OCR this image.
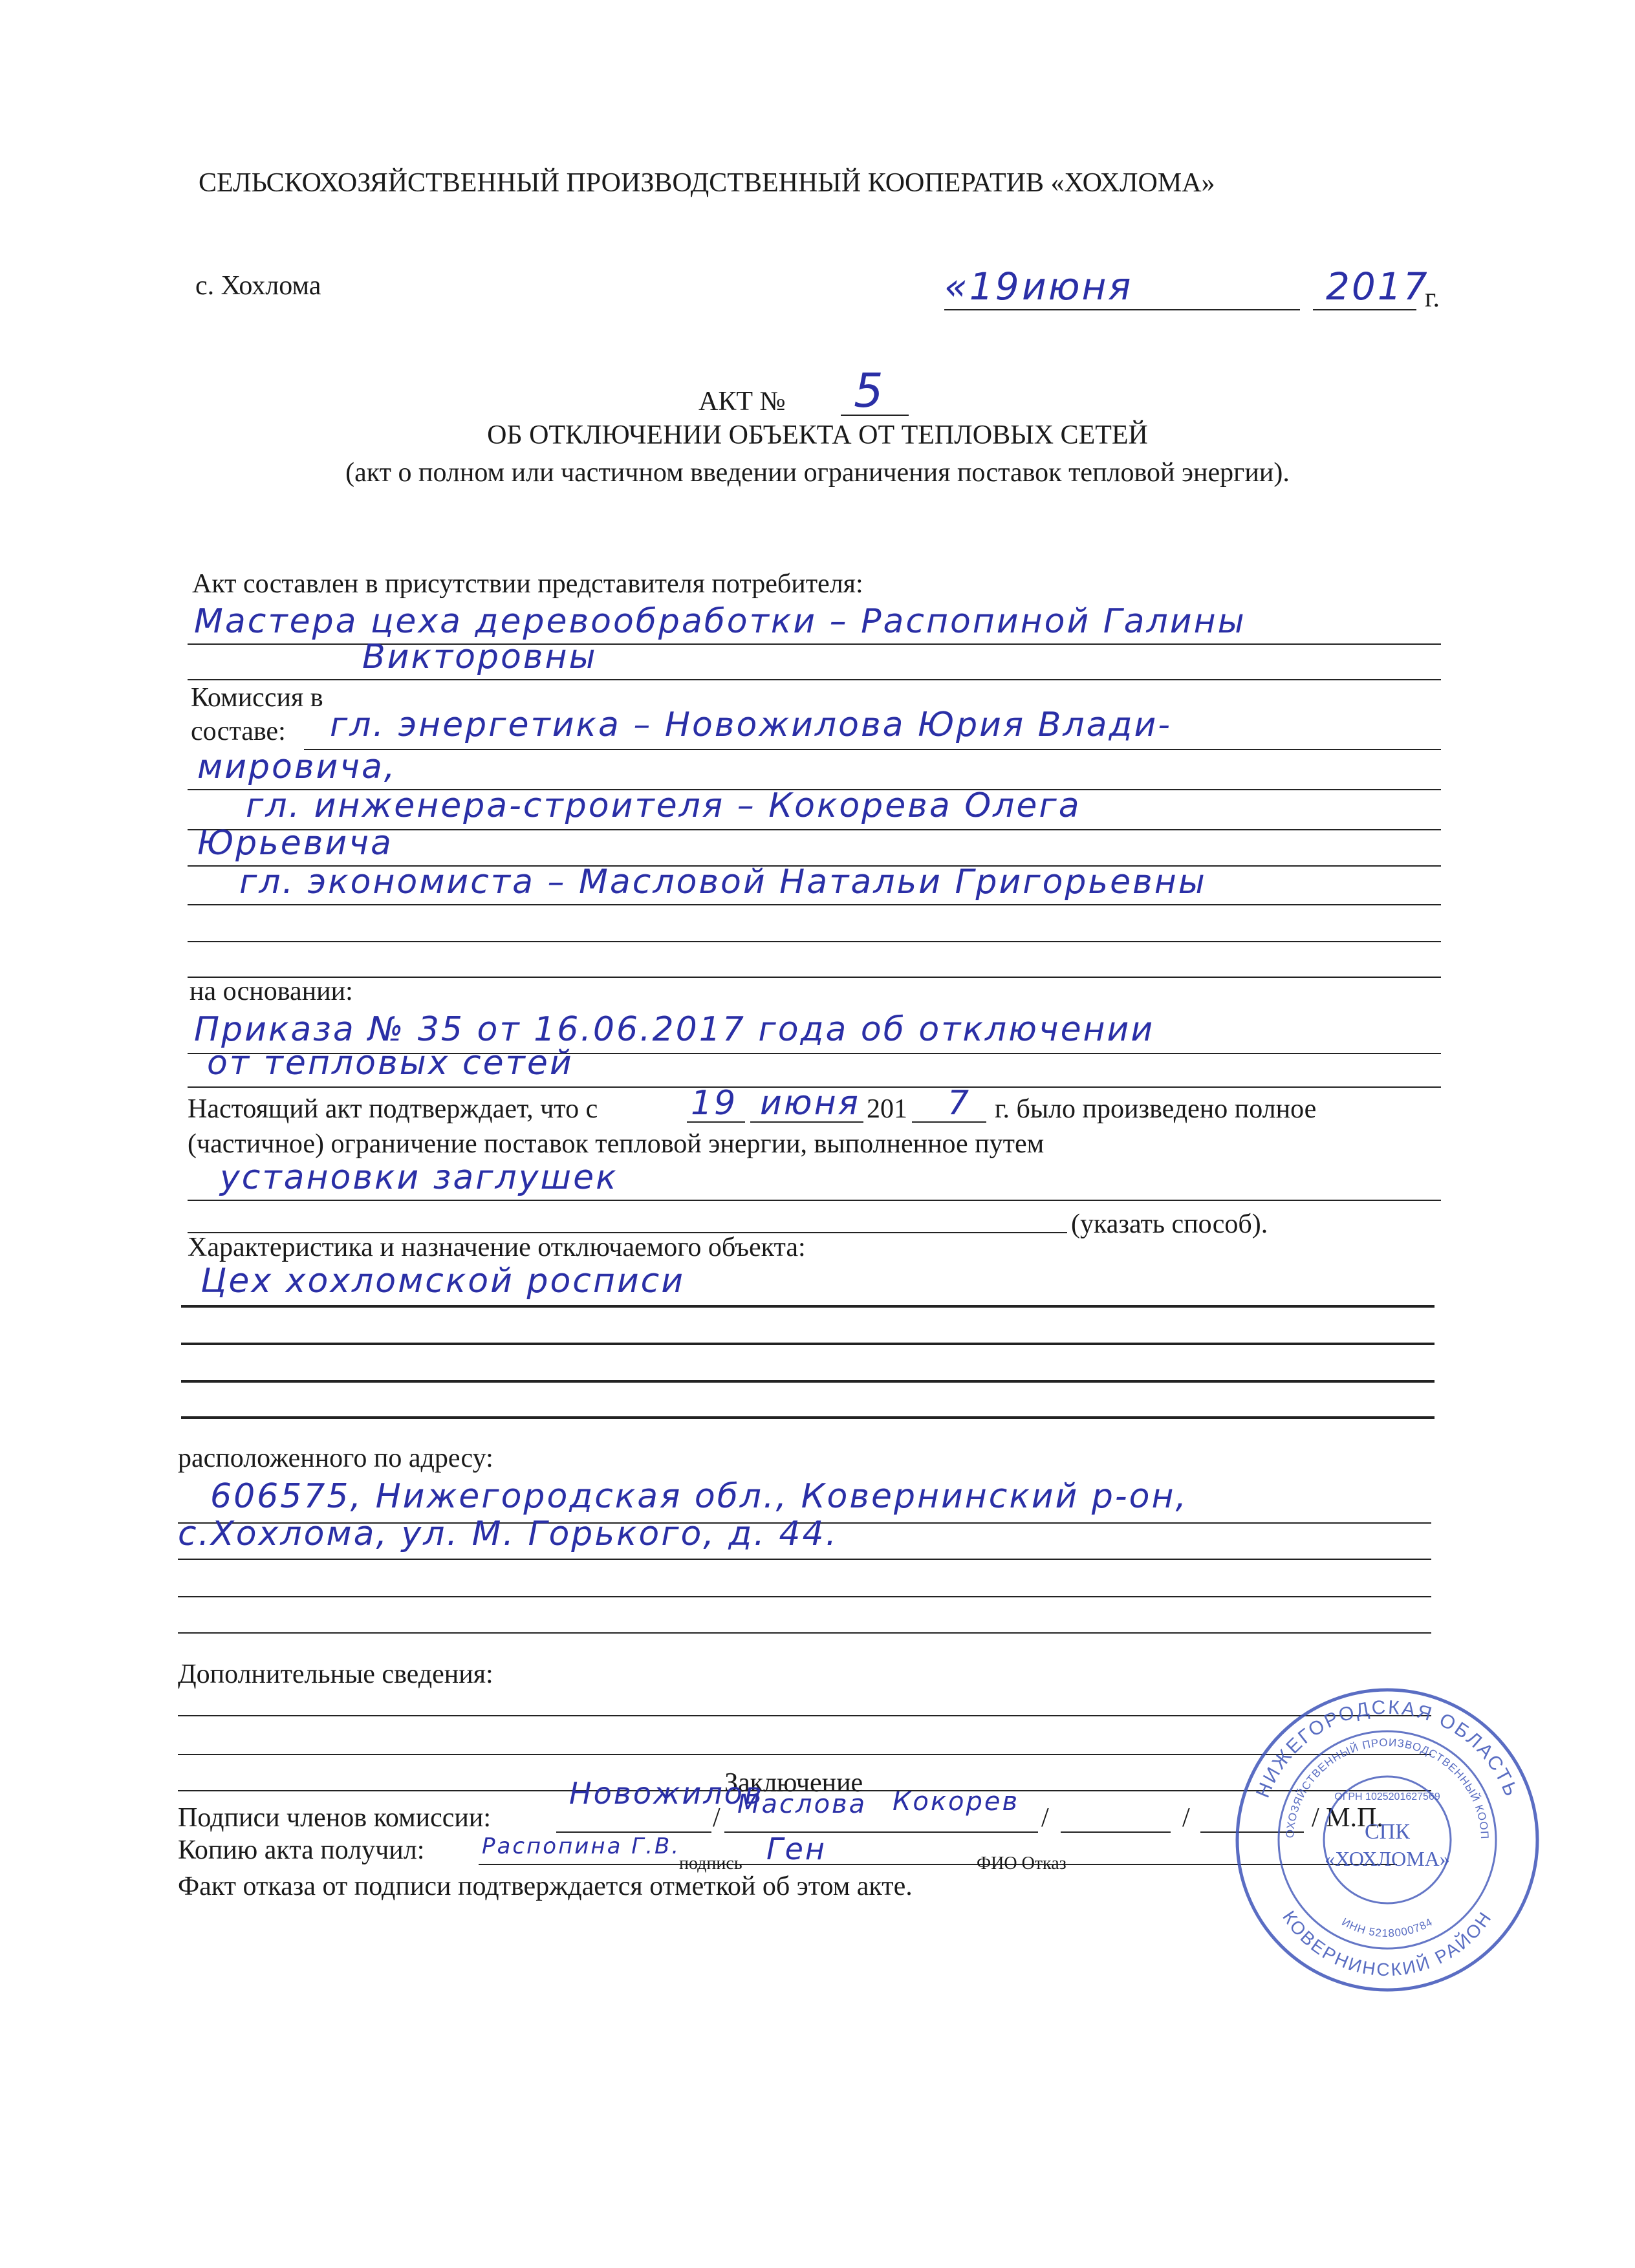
СЕЛЬСКОХОЗЯЙСТВЕННЫЙ ПРОИЗВОДСТВЕННЫЙ КООПЕРАТИВ «ХОХЛОМА»
с. Хохлома	«19 июня	2017
г.
АКТ № 5
ОБ ОТКЛЮЧЕНИИ ОБЪЕКТА ОТ ТЕПЛОВЫХ СЕТЕЙ
(акт о полном или частичном введении ограничения поставок тепловой энергии).
Акт составлен в присутствии представителя потребителя:
Мастера цеха деревообработки – Распопиной Галины
Викторовны
Комиссия в
составе: гл. энергетика – Новожилова Юрия Влади-
мировича,
гл. инженера-строителя – Кокорева Олега
Юрьевича
гл. экономиста – Масловой Натальи Григорьевны
на основании:
Приказа № 35 от 16.06.2017 года об отключении
от тепловых сетей
Настоящий акт подтверждает, что с	19 июня 201 7 г. было произведено полное
(частичное) ограничение поставок тепловой энергии, выполненное путем
установки заглушек
(указать способ).
Характеристика и назначение отключаемого объекта:
Цех хохломской росписи
расположенного по адресу:
606575, Нижегородская обл., Ковернинский р-он,
с.Хохлома, ул. М. Горького, д. 44.
Дополнительные сведения:
Заключение
Подписи членов комиссии:
Новожилов
/ Маслова Кокорев
/	/	/ М.П.
Копию акта получил:	Распопина Г.В.
подпись Ген	ФИО Отказ
Факт отказа от подписи подтверждается отметкой об этом акте.
НИЖЕГОРОДСКАЯ ОБЛАСТЬ
КОВЕРНИНСКИЙ РАЙОН
ОХОЗЯЙСТВЕННЫЙ ПРОИЗВОДСТВЕННЫЙ КООП
ИНН 5218000784
ОГРН 1025201627569
СПК
«ХОХЛОМА»
